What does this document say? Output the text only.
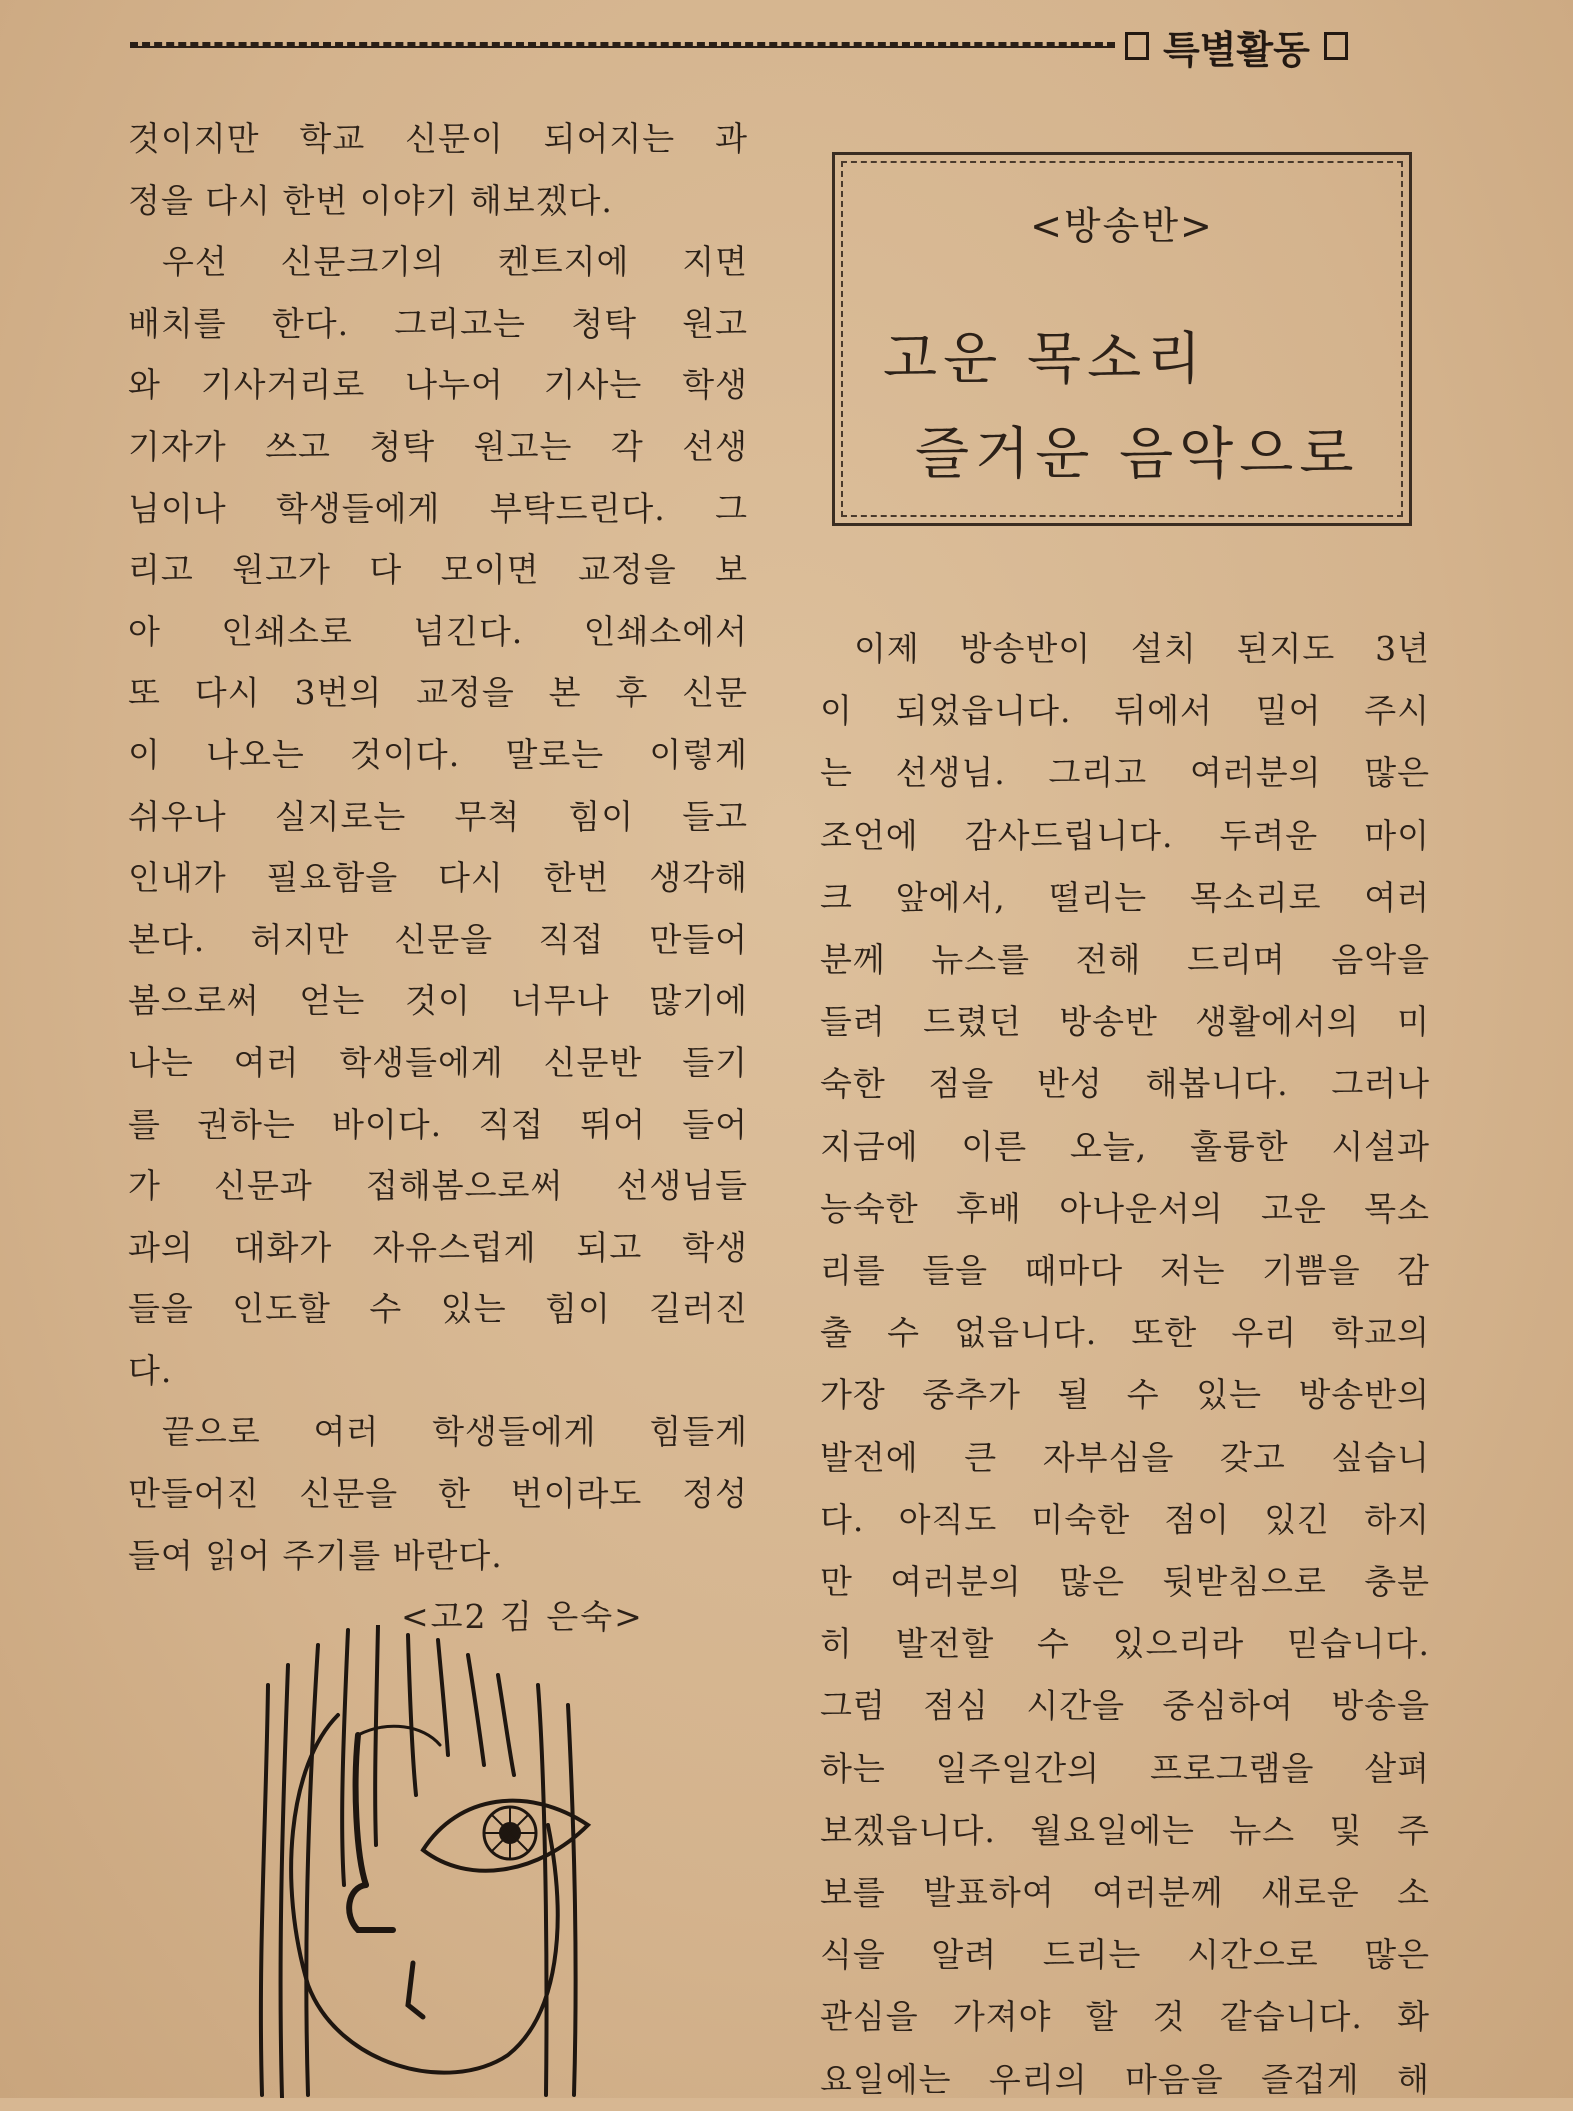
특별활동
것이지만 학교 신문이 되어지는 과
정을 다시 한번 이야기 해보겠다.
우선 신문크기의 켄트지에 지면
배치를 한다. 그리고는 청탁 원고
와 기사거리로 나누어 기사는 학생
기자가 쓰고 청탁 원고는 각 선생
님이나 학생들에게 부탁드린다. 그
리고 원고가 다 모이면 교정을 보
아 인쇄소로 넘긴다. 인쇄소에서
또 다시 3번의 교정을 본 후 신문
이 나오는 것이다. 말로는 이렇게
쉬우나 실지로는 무척 힘이 들고
인내가 필요함을 다시 한번 생각해
본다. 허지만 신문을 직접 만들어
봄으로써 얻는 것이 너무나 많기에
나는 여러 학생들에게 신문반 들기
를 권하는 바이다. 직접 뛰어 들어
가 신문과 접해봄으로써 선생님들
과의 대화가 자유스럽게 되고 학생
들을 인도할 수 있는 힘이 길러진
다.
끝으로 여러 학생들에게 힘들게
만들어진 신문을 한 번이라도 정성
들여 읽어 주기를 바란다.
<고2 김 은숙>
<방송반>
고운 목소리
즐거운 음악으로
이제 방송반이 설치 된지도 3년
이 되었읍니다. 뒤에서 밀어 주시
는 선생님. 그리고 여러분의 많은
조언에 감사드립니다. 두려운 마이
크 앞에서, 떨리는 목소리로 여러
분께 뉴스를 전해 드리며 음악을
들려 드렸던 방송반 생활에서의 미
숙한 점을 반성 해봅니다. 그러나
지금에 이른 오늘, 훌륭한 시설과
능숙한 후배 아나운서의 고운 목소
리를 들을 때마다 저는 기쁨을 감
출 수 없읍니다. 또한 우리 학교의
가장 중추가 될 수 있는 방송반의
발전에 큰 자부심을 갖고 싶습니
다. 아직도 미숙한 점이 있긴 하지
만 여러분의 많은 뒷받침으로 충분
히 발전할 수 있으리라 믿습니다.
그럼 점심 시간을 중심하여 방송을
하는 일주일간의 프로그램을 살펴
보겠읍니다. 월요일에는 뉴스 및 주
보를 발표하여 여러분께 새로운 소
식을 알려 드리는 시간으로 많은
관심을 가져야 할 것 같습니다. 화
요일에는 우리의 마음을 즐겁게 해
